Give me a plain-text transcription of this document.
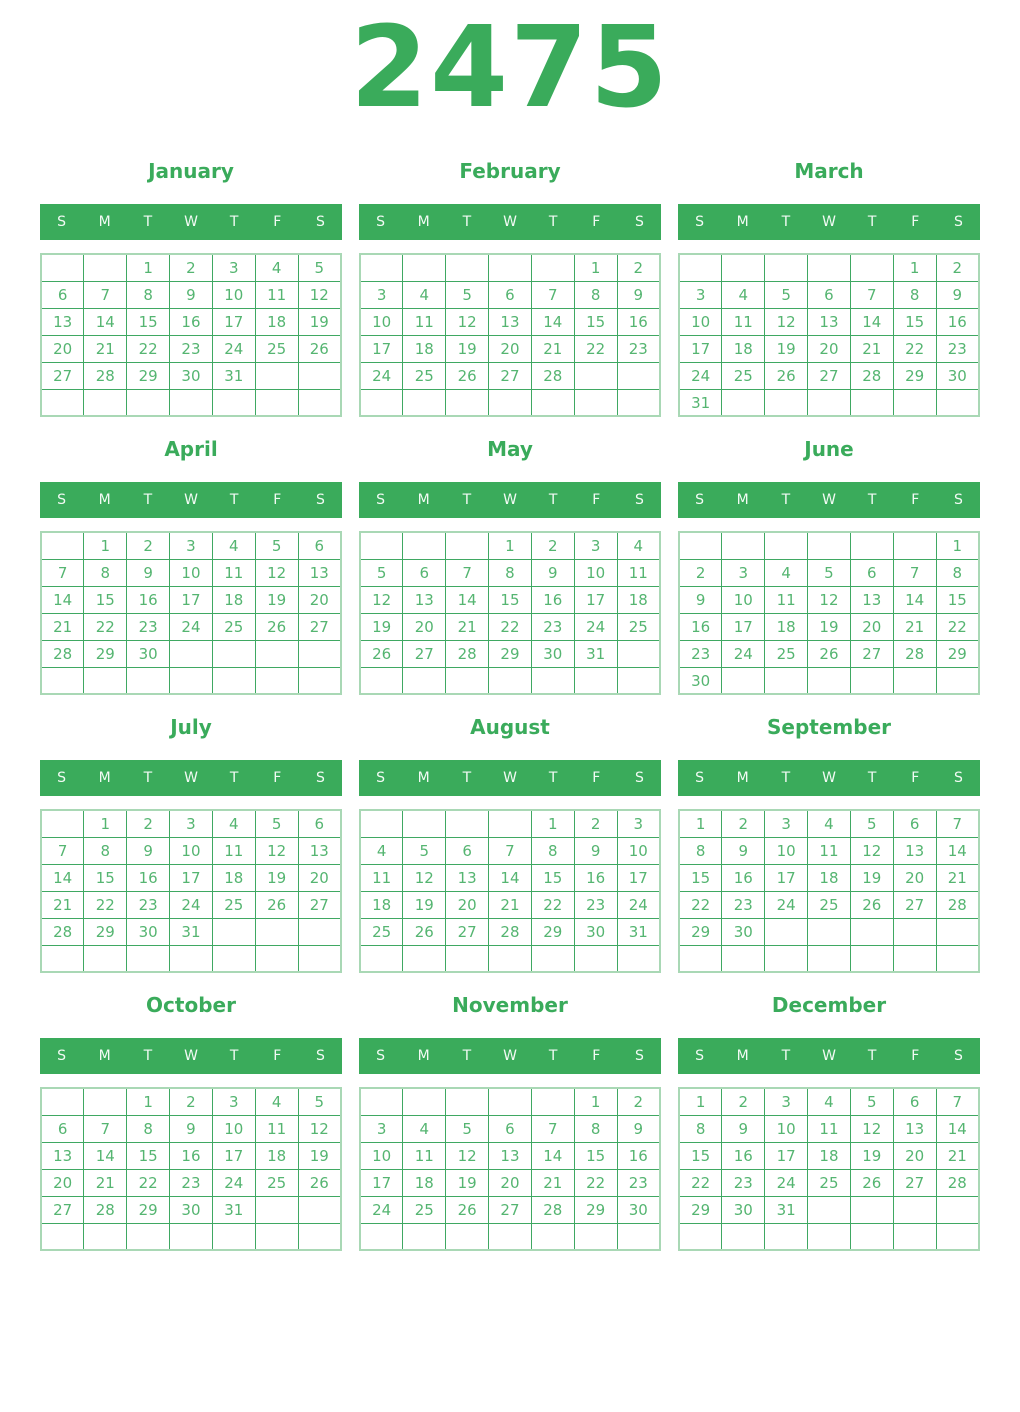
2475
January
S	M	T	W	T	F	S
		1	2	3	4	5
6	7	8	9	10	11	12
13	14	15	16	17	18	19
20	21	22	23	24	25	26
27	28	29	30	31		

February
S	M	T	W	T	F	S
					1	2
3	4	5	6	7	8	9
10	11	12	13	14	15	16
17	18	19	20	21	22	23
24	25	26	27	28		

March
S	M	T	W	T	F	S
					1	2
3	4	5	6	7	8	9
10	11	12	13	14	15	16
17	18	19	20	21	22	23
24	25	26	27	28	29	30
31						
April
S	M	T	W	T	F	S
	1	2	3	4	5	6
7	8	9	10	11	12	13
14	15	16	17	18	19	20
21	22	23	24	25	26	27
28	29	30				

May
S	M	T	W	T	F	S
			1	2	3	4
5	6	7	8	9	10	11
12	13	14	15	16	17	18
19	20	21	22	23	24	25
26	27	28	29	30	31	

June
S	M	T	W	T	F	S
						1
2	3	4	5	6	7	8
9	10	11	12	13	14	15
16	17	18	19	20	21	22
23	24	25	26	27	28	29
30						
July
S	M	T	W	T	F	S
	1	2	3	4	5	6
7	8	9	10	11	12	13
14	15	16	17	18	19	20
21	22	23	24	25	26	27
28	29	30	31			

August
S	M	T	W	T	F	S
				1	2	3
4	5	6	7	8	9	10
11	12	13	14	15	16	17
18	19	20	21	22	23	24
25	26	27	28	29	30	31

September
S	M	T	W	T	F	S
1	2	3	4	5	6	7
8	9	10	11	12	13	14
15	16	17	18	19	20	21
22	23	24	25	26	27	28
29	30					

October
S	M	T	W	T	F	S
		1	2	3	4	5
6	7	8	9	10	11	12
13	14	15	16	17	18	19
20	21	22	23	24	25	26
27	28	29	30	31		

November
S	M	T	W	T	F	S
					1	2
3	4	5	6	7	8	9
10	11	12	13	14	15	16
17	18	19	20	21	22	23
24	25	26	27	28	29	30

December
S	M	T	W	T	F	S
1	2	3	4	5	6	7
8	9	10	11	12	13	14
15	16	17	18	19	20	21
22	23	24	25	26	27	28
29	30	31				
